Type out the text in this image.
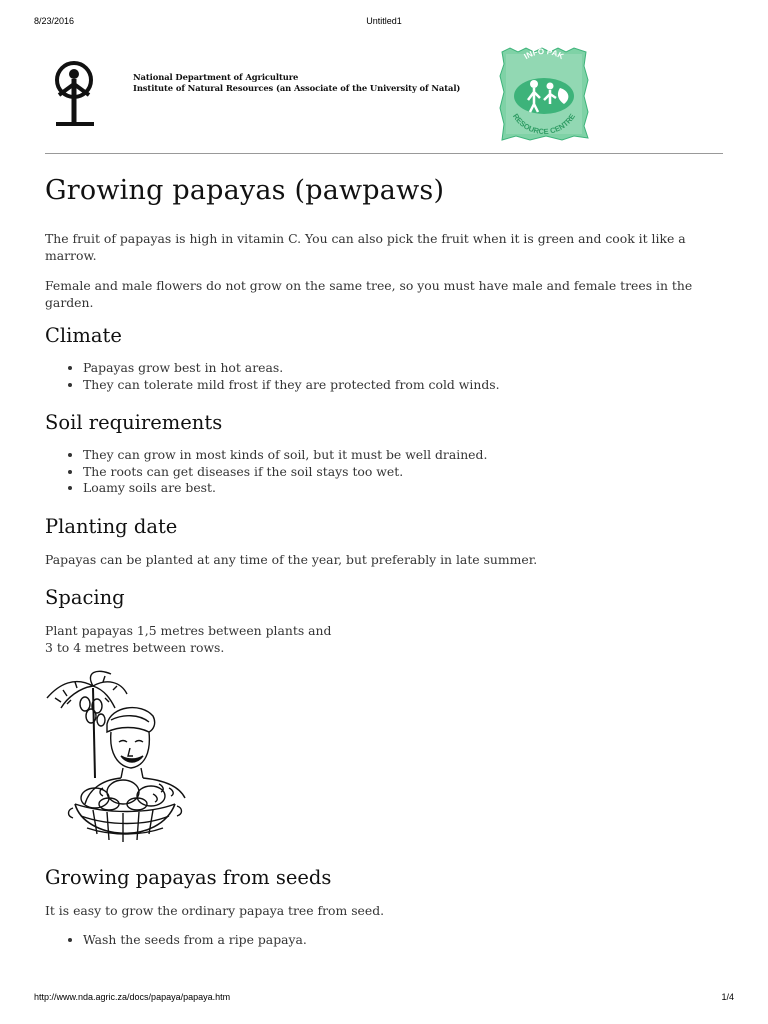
8/23/2016	Untitled1
National Department of Agriculture
Institute of Natural Resources (an Associate of the University of Natal)
INFO PAK
RESOURCE CENTRE
Growing papayas (pawpaws)

The fruit of papayas is high in vitamin C. You can also pick the fruit when it is green and cook it like a marrow.

Female and male flowers do not grow on the same tree, so you must have male and female trees in the garden.

Climate
• Papayas grow best in hot areas.
• They can tolerate mild frost if they are protected from cold winds.
Soil requirements
• They can grow in most kinds of soil, but it must be well drained.
• The roots can get diseases if the soil stays too wet.
• Loamy soils are best.
Planting date

Papayas can be planted at any time of the year, but preferably in late summer.

Spacing

Plant papayas 1,5 metres between plants and
3 to 4 metres between rows.

Growing papayas from seeds

It is easy to grow the ordinary papaya tree from seed.

• Wash the seeds from a ripe papaya.
http://www.nda.agric.za/docs/papaya/papaya.htm	1/4
